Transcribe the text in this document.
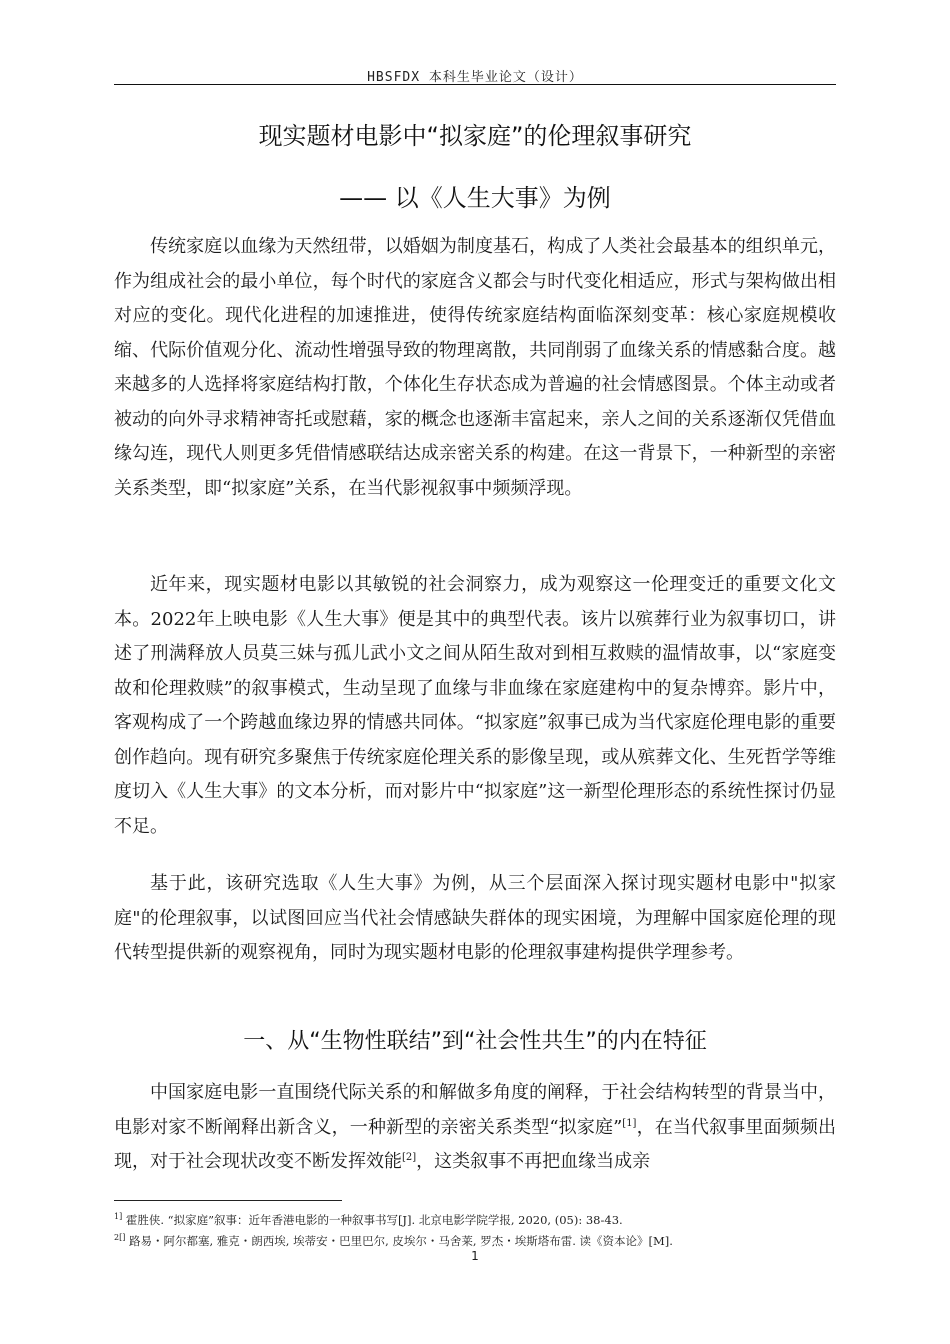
HBSFDX 本科生毕业论文（设计）
现实题材电影中“拟家庭”的伦理叙事研究
—— 以《人生大事》为例

传统家庭以血缘为天然纽带，以婚姻为制度基石，构成了人类社会最基本的组织单元，作为组成社会的最小单位，每个时代的家庭含义都会与时代变化相适应，形式与架构做出相对应的变化。现代化进程的加速推进，使得传统家庭结构面临深刻变革：核心家庭规模收缩、代际价值观分化、流动性增强导致的物理离散，共同削弱了血缘关系的情感黏合度。越来越多的人选择将家庭结构打散，个体化生存状态成为普遍的社会情感图景。个体主动或者被动的向外寻求精神寄托或慰藉，家的概念也逐渐丰富起来，亲人之间的关系逐渐仅凭借血缘勾连，现代人则更多凭借情感联结达成亲密关系的构建。在这一背景下，一种新型的亲密关系类型，即“拟家庭”关系，在当代影视叙事中频频浮现。

近年来，现实题材电影以其敏锐的社会洞察力，成为观察这一伦理变迁的重要文化文本。2022年上映电影《人生大事》便是其中的典型代表。该片以殡葬行业为叙事切口，讲述了刑满释放人员莫三妹与孤儿武小文之间从陌生敌对到相互救赎的温情故事，以“家庭变故和伦理救赎”的叙事模式，生动呈现了血缘与非血缘在家庭建构中的复杂博弈。影片中，客观构成了一个跨越血缘边界的情感共同体。“拟家庭”叙事已成为当代家庭伦理电影的重要创作趋向。现有研究多聚焦于传统家庭伦理关系的影像呈现，或从殡葬文化、生死哲学等维度切入《人生大事》的文本分析，而对影片中“拟家庭”这一新型伦理形态的系统性探讨仍显不足。

基于此，该研究选取《人生大事》为例，从三个层面深入探讨现实题材电影中"拟家庭"的伦理叙事，以试图回应当代社会情感缺失群体的现实困境，为理解中国家庭伦理的现代转型提供新的观察视角，同时为现实题材电影的伦理叙事建构提供学理参考。

一、从“生物性联结”到“社会性共生”的内在特征

中国家庭电影一直围绕代际关系的和解做多角度的阐释，于社会结构转型的背景当中，电影对家不断阐释出新含义，一种新型的亲密关系类型“拟家庭”[1]，在当代叙事里面频频出现，对于社会现状改变不断发挥效能[2]，这类叙事不再把血缘当成亲

$^{1]}$ 霍胜侠. “拟家庭”叙事：近年香港电影的一种叙事书写[J]. 北京电影学院学报, 2020, (05): 38-43.
$^{2[]}$ 路易・阿尔都塞, 雅克・朗西埃, 埃蒂安・巴里巴尔, 皮埃尔・马舍莱, 罗杰・埃斯塔布雷. 读《资本论》[M].
1
